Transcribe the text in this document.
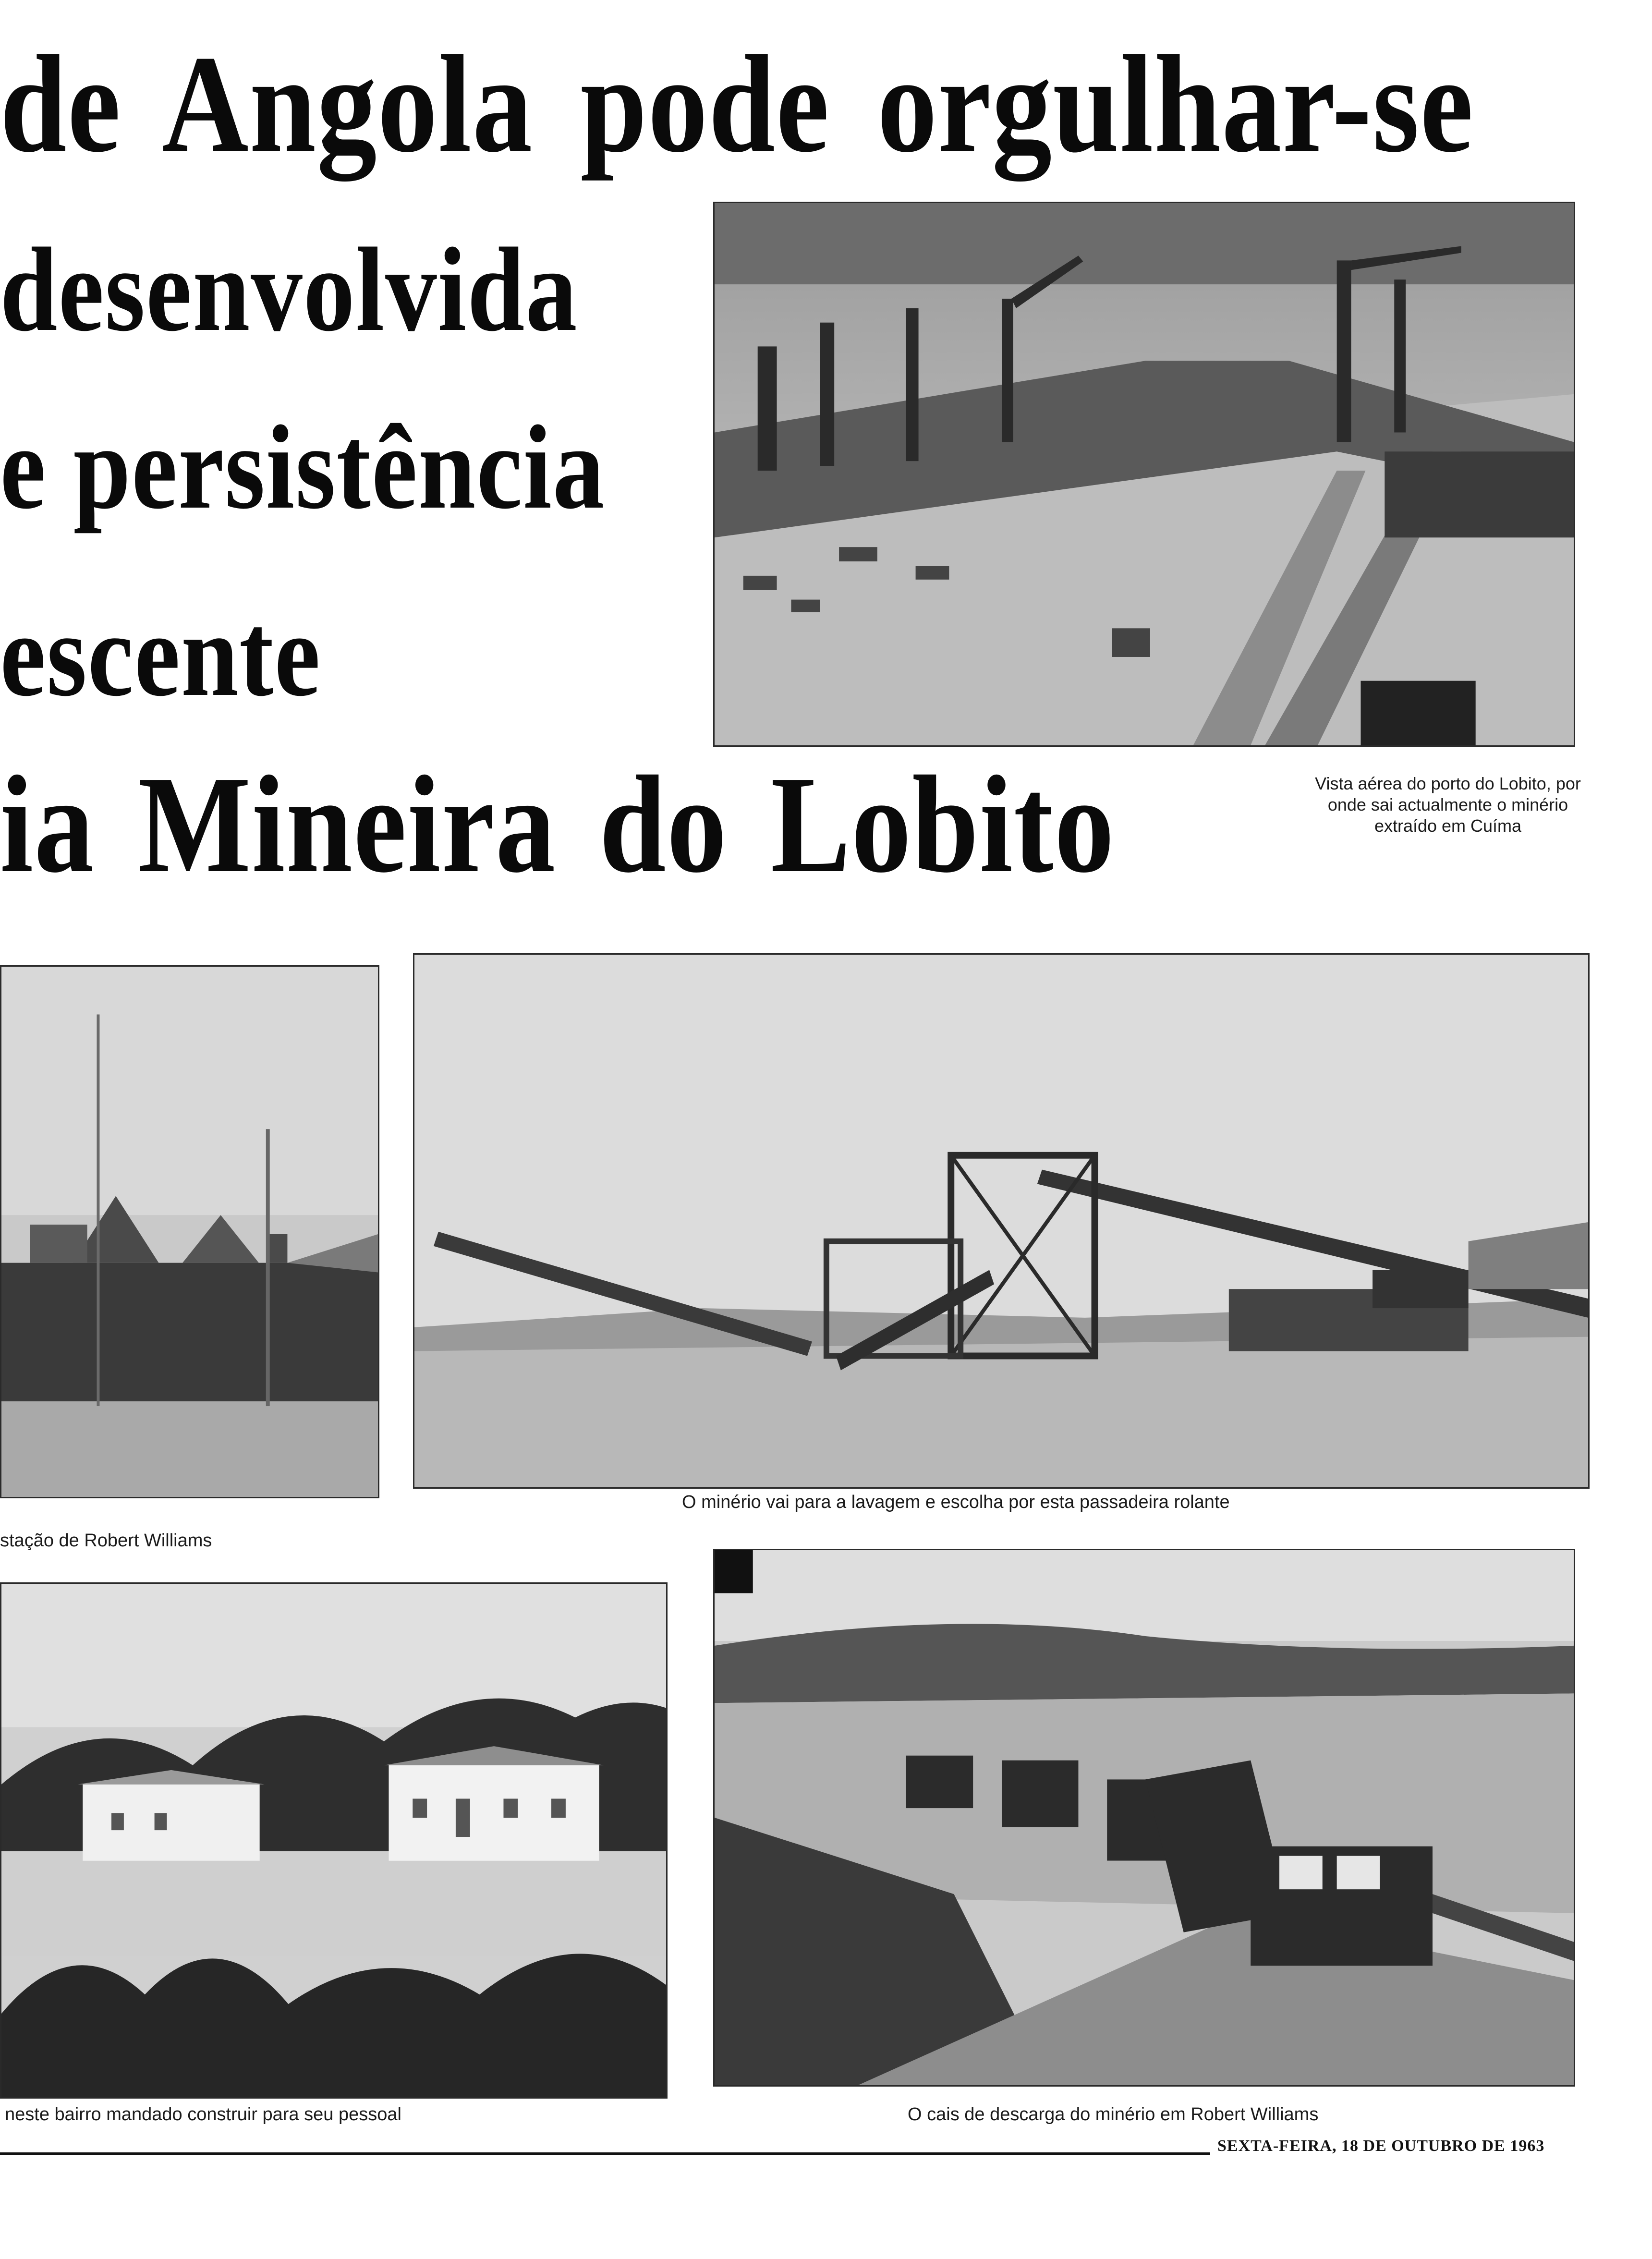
de Angola pode orgulhar-se
desenvolvida
e persistência
escente
ia Mineira do Lobito	Vista aérea do porto do Lobito, por onde sai actualmente o minério extraído em Cuíma

O minério vai para a lavagem e escolha por esta passadeira rolante

stação de Robert Williams

neste bairro mandado construir para seu pessoal	O cais de descarga do minério em Robert Williams

SEXTA-FEIRA, 18 DE OUTUBRO DE 1963
